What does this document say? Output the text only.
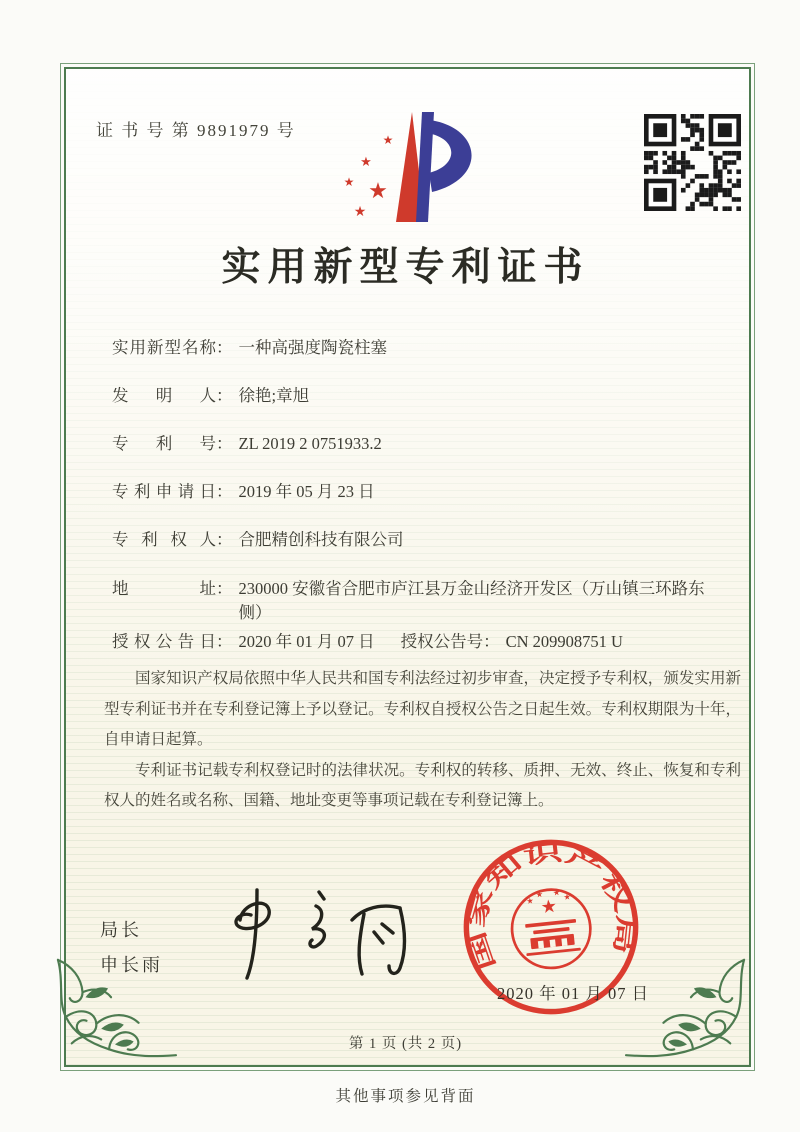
证 书 号 第 9891979 号	★
★
★ ★
★
实用新型专利证书
实用新型名称： 一种高强度陶瓷柱塞
发明人： 徐艳;章旭
专利号： ZL 2019 2 0751933.2
专利申请日： 2019 年 05 月 23 日
专利权人： 合肥精创科技有限公司
地址： 230000 安徽省合肥市庐江县万金山经济开发区（万山镇三环路东侧）
授权公告日： 2020 年 01 月 07 日 授权公告号： CN 209908751 U

国家知识产权局依照中华人民共和国专利法经过初步审查，决定授予专利权，颁发实用新型专利证书并在专利登记簿上予以登记。专利权自授权公告之日起生效。专利权期限为十年，自申请日起算。

专利证书记载专利权登记时的法律状况。专利权的转移、质押、无效、终止、恢复和专利权人的姓名或名称、国籍、地址变更等事项记载在专利登记簿上。

局长
申长雨	国家知识产权局
★
★
★ ★ ★
2020 年 01 月 07 日
第 1 页 (共 2 页)
其他事项参见背面
